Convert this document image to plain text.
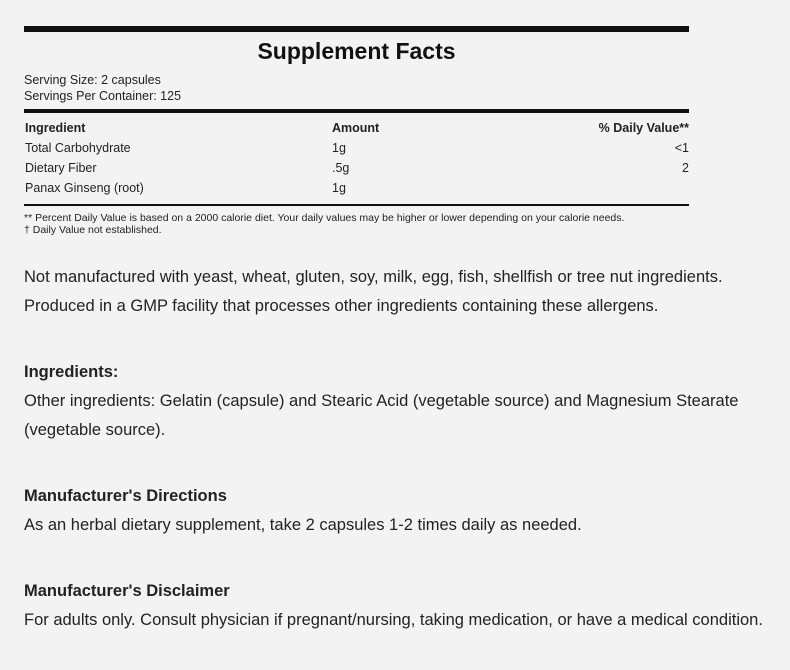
Supplement Facts
Serving Size: 2 capsules
Servings Per Container: 125
Ingredient	Amount	% Daily Value**
Total Carbohydrate	1g	<1
Dietary Fiber	.5g	2
Panax Ginseng (root)	1g	
** Percent Daily Value is based on a 2000 calorie diet. Your daily values may be higher or lower depending on your calorie needs.
† Daily Value not established.
Not manufactured with yeast, wheat, gluten, soy, milk, egg, fish, shellfish or tree nut ingredients. Produced in a GMP facility that processes other ingredients containing these allergens.
Ingredients:
Other ingredients: Gelatin (capsule) and Stearic Acid (vegetable source) and Magnesium Stearate (vegetable source).
Manufacturer's Directions
As an herbal dietary supplement, take 2 capsules 1-2 times daily as needed.
Manufacturer's Disclaimer
For adults only. Consult physician if pregnant/nursing, taking medication, or have a medical condition.
